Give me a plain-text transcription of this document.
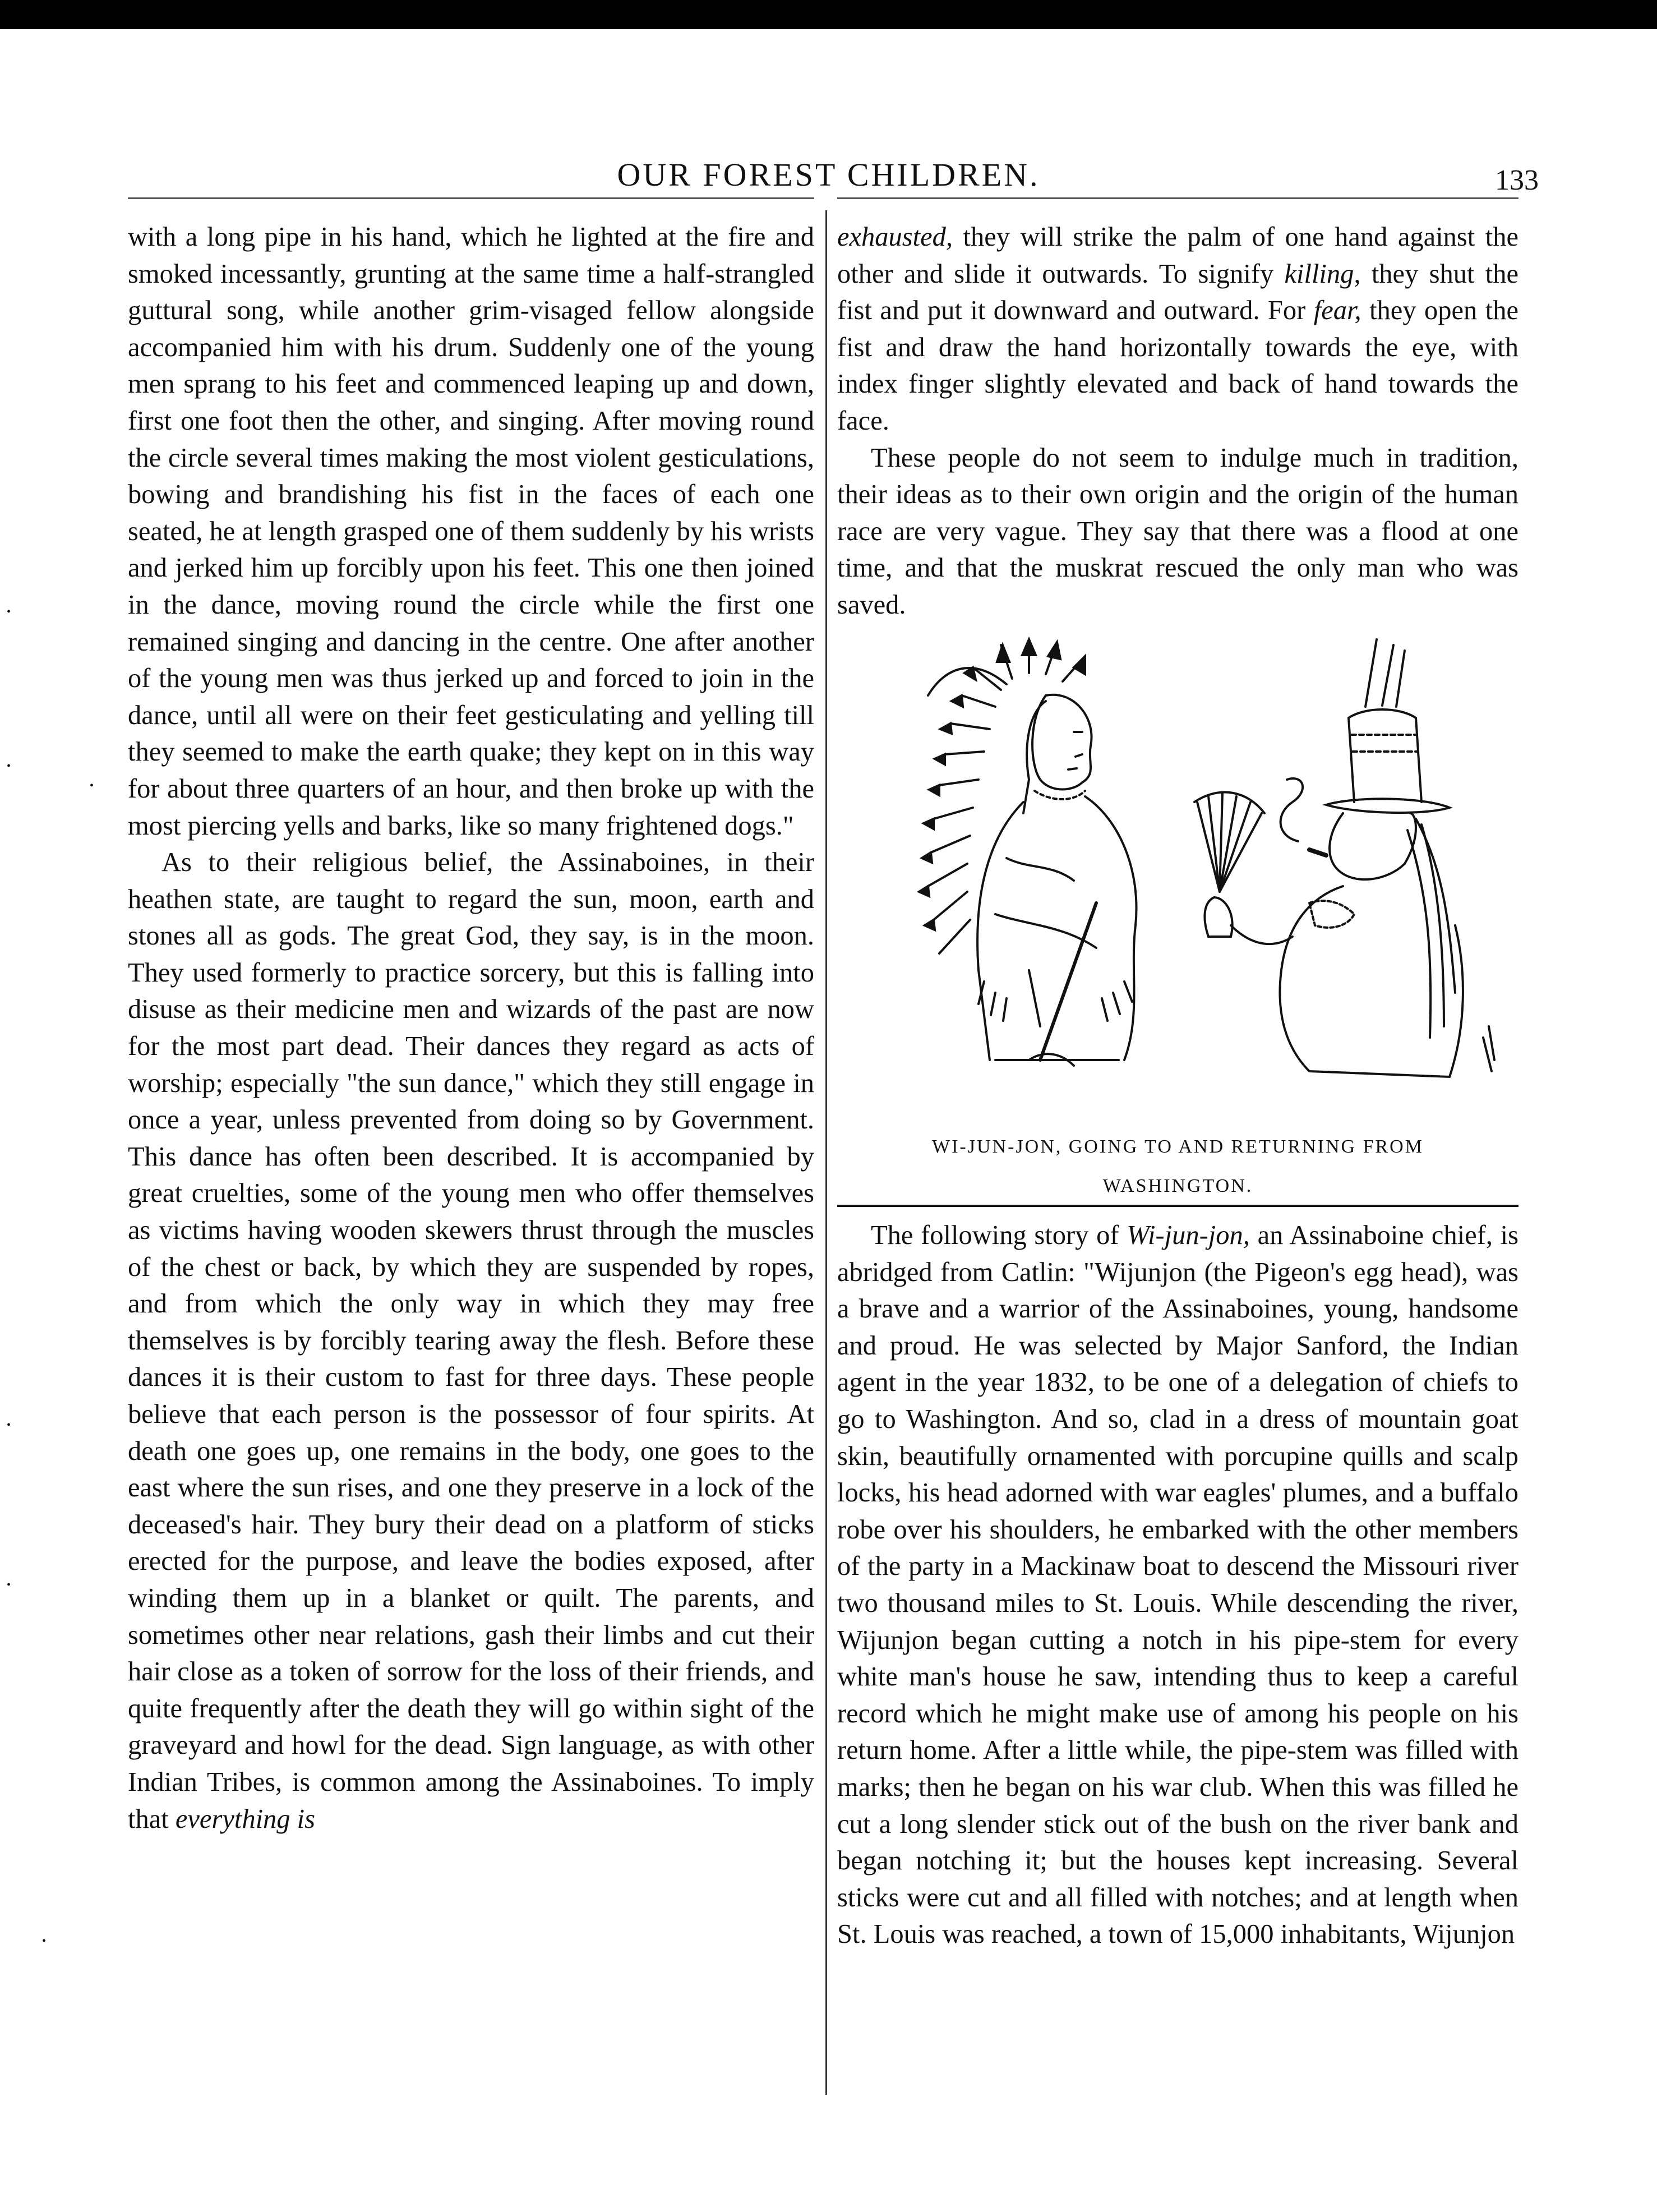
OUR FOREST CHILDREN.	133

with a long pipe in his hand, which he lighted at the fire and smoked incessantly, grunting at the same time a half-strangled guttural song, while another grim-visaged fellow alongside accompanied him with his drum. Suddenly one of the young men sprang to his feet and commenced leaping up and down, first one foot then the other, and singing. After moving round the circle several times making the most violent gesticulations, bowing and brandishing his fist in the faces of each one seated, he at length grasped one of them suddenly by his wrists and jerked him up forcibly upon his feet. This one then joined in the dance, moving round the circle while the first one remained singing and dancing in the centre. One after another of the young men was thus jerked up and forced to join in the dance, until all were on their feet gesticulating and yelling till they seemed to make the earth quake; they kept on in this way for about three quarters of an hour, and then broke up with the most piercing yells and barks, like so many frightened dogs."

As to their religious belief, the Assinaboines, in their heathen state, are taught to regard the sun, moon, earth and stones all as gods. The great God, they say, is in the moon. They used formerly to practice sorcery, but this is falling into disuse as their medicine men and wizards of the past are now for the most part dead. Their dances they regard as acts of worship; especially "the sun dance," which they still engage in once a year, unless prevented from doing so by Government. This dance has often been described. It is accompanied by great cruelties, some of the young men who offer themselves as victims having wooden skewers thrust through the muscles of the chest or back, by which they are suspended by ropes, and from which the only way in which they may free themselves is by forcibly tearing away the flesh. Before these dances it is their custom to fast for three days. These people believe that each person is the possessor of four spirits. At death one goes up, one remains in the body, one goes to the east where the sun rises, and one they preserve in a lock of the deceased's hair. They bury their dead on a platform of sticks erected for the purpose, and leave the bodies exposed, after winding them up in a blanket or quilt. The parents, and sometimes other near relations, gash their limbs and cut their hair close as a token of sorrow for the loss of their friends, and quite frequently after the death they will go within sight of the graveyard and howl for the dead. Sign language, as with other Indian Tribes, is common among the Assinaboines. To imply that everything is

exhausted, they will strike the palm of one hand against the other and slide it outwards. To signify killing, they shut the fist and put it downward and outward. For fear, they open the fist and draw the hand horizontally towards the eye, with index finger slightly elevated and back of hand towards the face.

These people do not seem to indulge much in tradition, their ideas as to their own origin and the origin of the human race are very vague. They say that there was a flood at one time, and that the muskrat rescued the only man who was saved.

WI-JUN-JON, GOING TO AND RETURNING FROM
WASHINGTON.

The following story of Wi-jun-jon, an Assinaboine chief, is abridged from Catlin: "Wijunjon (the Pigeon's egg head), was a brave and a warrior of the Assinaboines, young, handsome and proud. He was selected by Major Sanford, the Indian agent in the year 1832, to be one of a delegation of chiefs to go to Washington. And so, clad in a dress of mountain goat skin, beautifully ornamented with porcupine quills and scalp locks, his head adorned with war eagles' plumes, and a buffalo robe over his shoulders, he embarked with the other members of the party in a Mackinaw boat to descend the Missouri river two thousand miles to St. Louis. While descending the river, Wijunjon began cutting a notch in his pipe-stem for every white man's house he saw, intending thus to keep a careful record which he might make use of among his people on his return home. After a little while, the pipe-stem was filled with marks; then he began on his war club. When this was filled he cut a long slender stick out of the bush on the river bank and began notching it; but the houses kept increasing. Several sticks were cut and all filled with notches; and at length when St. Louis was reached, a town of 15,000 inhabitants, Wijunjon

•
•
•
•
•
•
